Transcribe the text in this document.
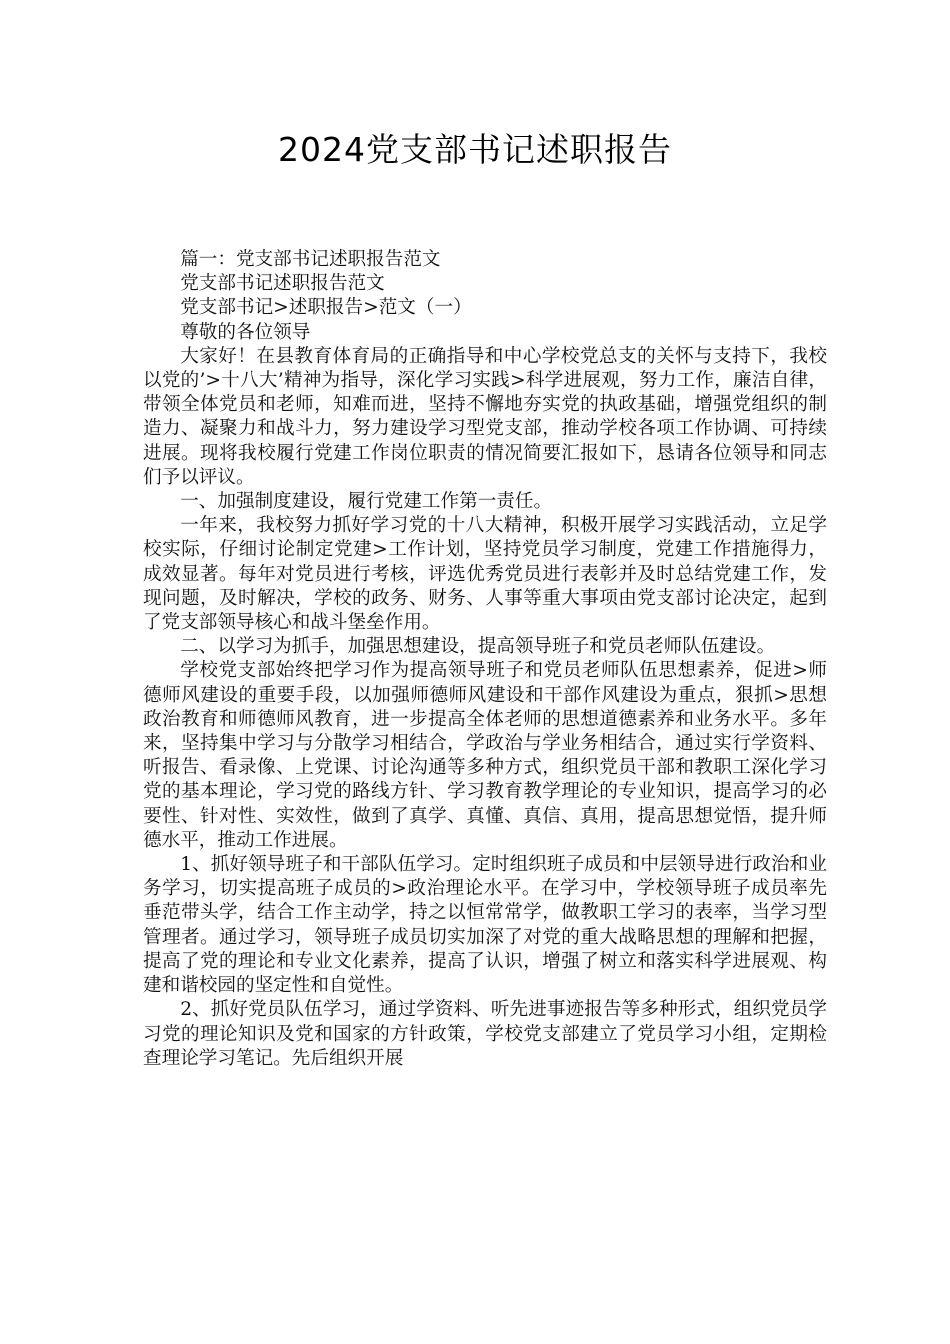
2024党支部书记述职报告

篇一：党支部书记述职报告范文

党支部书记述职报告范文

党支部书记>述职报告>范文（一）

尊敬的各位领导

大家好！在县教育体育局的正确指导和中心学校党总支的关怀与支持下，我校以党的’>十八大’精神为指导，深化学习实践>科学进展观，努力工作，廉洁自律，带领全体党员和老师，知难而进，坚持不懈地夯实党的执政基础，增强党组织的制造力、凝聚力和战斗力，努力建设学习型党支部，推动学校各项工作协调、可持续进展。现将我校履行党建工作岗位职责的情况简要汇报如下，恳请各位领导和同志们予以评议。

一、加强制度建设，履行党建工作第一责任。

一年来，我校努力抓好学习党的十八大精神，积极开展学习实践活动，立足学校实际，仔细讨论制定党建>工作计划，坚持党员学习制度，党建工作措施得力，成效显著。每年对党员进行考核，评选优秀党员进行表彰并及时总结党建工作，发现问题，及时解决，学校的政务、财务、人事等重大事项由党支部讨论决定，起到了党支部领导核心和战斗堡垒作用。

二、以学习为抓手，加强思想建设，提高领导班子和党员老师队伍建设。

学校党支部始终把学习作为提高领导班子和党员老师队伍思想素养，促进>师德师风建设的重要手段，以加强师德师风建设和干部作风建设为重点，狠抓>思想政治教育和师德师风教育，进一步提高全体老师的思想道德素养和业务水平。多年来，坚持集中学习与分散学习相结合，学政治与学业务相结合，通过实行学资料、听报告、看录像、上党课、讨论沟通等多种方式，组织党员干部和教职工深化学习党的基本理论，学习党的路线方针、学习教育教学理论的专业知识，提高学习的必要性、针对性、实效性，做到了真学、真懂、真信、真用，提高思想觉悟，提升师德水平，推动工作进展。

1、抓好领导班子和干部队伍学习。定时组织班子成员和中层领导进行政治和业务学习，切实提高班子成员的>政治理论水平。在学习中，学校领导班子成员率先垂范带头学，结合工作主动学，持之以恒常常学，做教职工学习的表率，当学习型管理者。通过学习，领导班子成员切实加深了对党的重大战略思想的理解和把握，提高了党的理论和专业文化素养，提高了认识，增强了树立和落实科学进展观、构建和谐校园的坚定性和自觉性。

2、抓好党员队伍学习，通过学资料、听先进事迹报告等多种形式，组织党员学习党的理论知识及党和国家的方针政策，学校党支部建立了党员学习小组，定期检查理论学习笔记。先后组织开展
